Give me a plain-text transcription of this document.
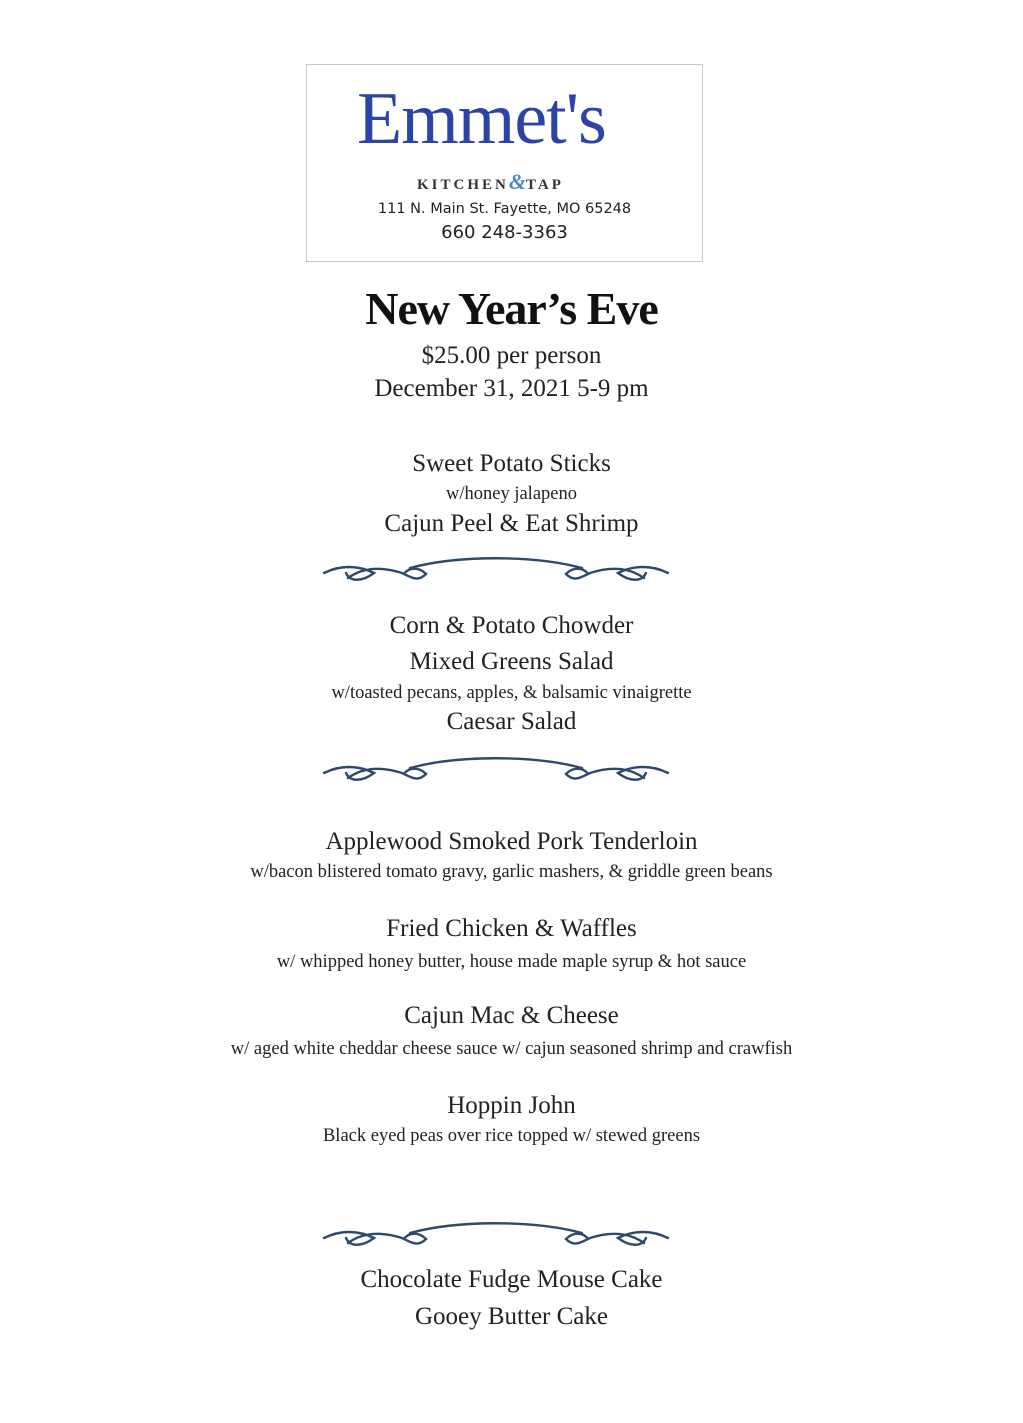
Emmet's
KITCHEN&TAP
111 N. Main St. Fayette, MO 65248
660 248-3363
New Year’s Eve
$25.00 per person
December 31, 2021 5-9 pm
Sweet Potato Sticks
w/honey jalapeno
Cajun Peel & Eat Shrimp
Corn & Potato Chowder
Mixed Greens Salad
w/toasted pecans, apples, & balsamic vinaigrette
Caesar Salad
Applewood Smoked Pork Tenderloin
w/bacon blistered tomato gravy, garlic mashers, & griddle green beans
Fried Chicken & Waffles
w/ whipped honey butter, house made maple syrup & hot sauce
Cajun Mac & Cheese
w/ aged white cheddar cheese sauce w/ cajun seasoned shrimp and crawfish
Hoppin John
Black eyed peas over rice topped w/ stewed greens
Chocolate Fudge Mouse Cake
Gooey Butter Cake
